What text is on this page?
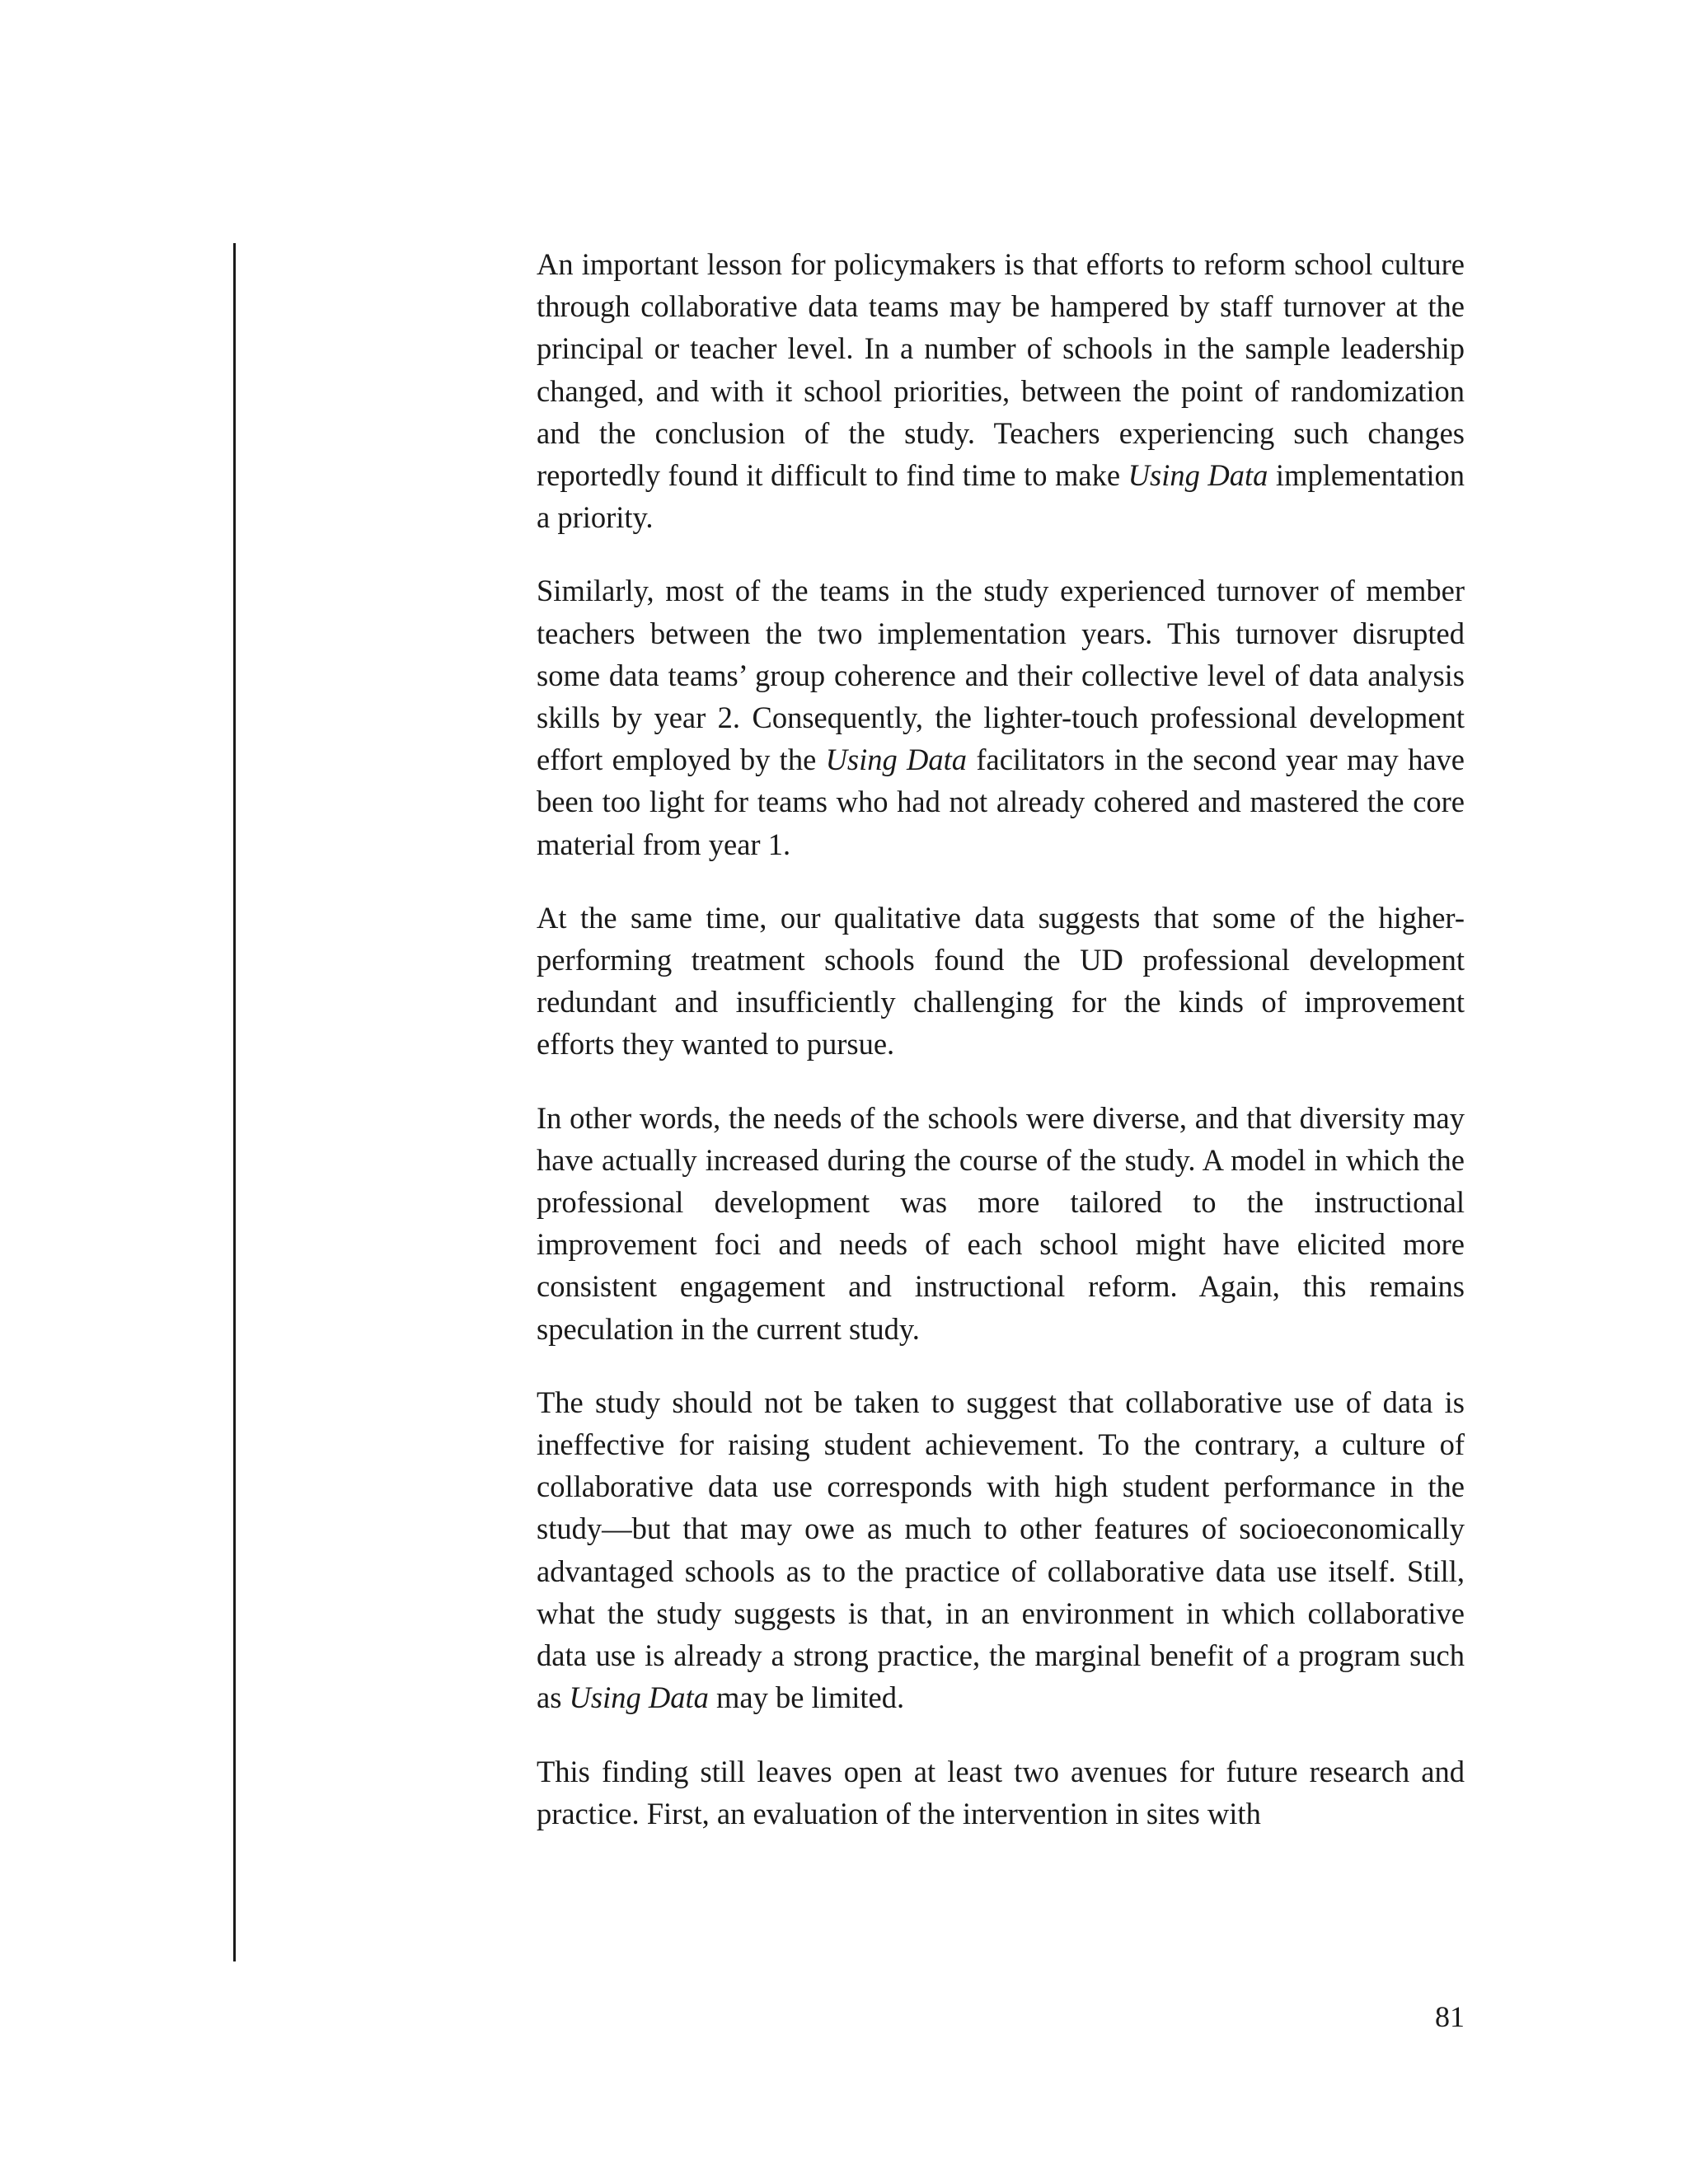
An important lesson for policymakers is that efforts to reform school culture through collaborative data teams may be hampered by staff turnover at the principal or teacher level. In a number of schools in the sample leadership changed, and with it school priorities, between the point of randomization and the conclusion of the study. Teachers experiencing such changes reportedly found it difficult to find time to make Using Data implementation a priority.

Similarly, most of the teams in the study experienced turnover of member teachers between the two implementation years. This turnover disrupted some data teams’ group coherence and their collective level of data analysis skills by year 2. Consequently, the lighter-touch professional development effort employed by the Using Data facilitators in the second year may have been too light for teams who had not already cohered and mastered the core material from year 1.

At the same time, our qualitative data suggests that some of the higher-performing treatment schools found the UD professional development redundant and insufficiently challenging for the kinds of improvement efforts they wanted to pursue.

In other words, the needs of the schools were diverse, and that diversity may have actually increased during the course of the study. A model in which the professional development was more tailored to the instructional improvement foci and needs of each school might have elicited more consistent engagement and instructional reform. Again, this remains speculation in the current study.

The study should not be taken to suggest that collaborative use of data is ineffective for raising student achievement. To the contrary, a culture of collaborative data use corresponds with high student performance in the study—but that may owe as much to other features of socioeconomically advantaged schools as to the practice of collaborative data use itself. Still, what the study suggests is that, in an environment in which collaborative data use is already a strong practice, the marginal benefit of a program such as Using Data may be limited.

This finding still leaves open at least two avenues for future research and practice. First, an evaluation of the intervention in sites with

81
